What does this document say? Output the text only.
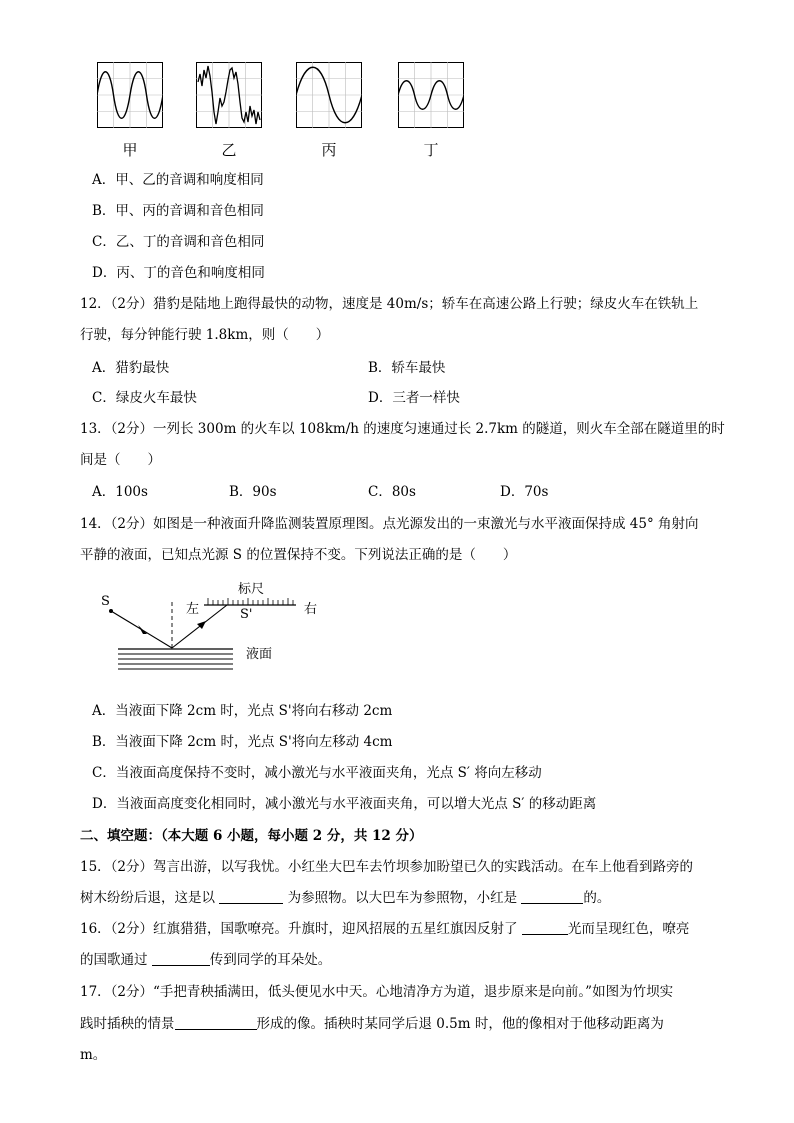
甲	乙	丙	丁
A．甲、乙的音调和响度相同
B．甲、丙的音调和音色相同
C．乙、丁的音调和音色相同
D．丙、丁的音色和响度相同
12．（2分）猎豹是陆地上跑得最快的动物，速度是 40m/s；轿车在高速公路上行驶；绿皮火车在铁轨上
行驶，每分钟能行驶 1.8km，则（　　）
A．猎豹最快	B．轿车最快
C．绿皮火车最快	D．三者一样快
13．（2分）一列长 300m 的火车以 108km/h 的速度匀速通过长 2.7km 的隧道，则火车全部在隧道里的时
间是（　　）
A．100s	B．90s	C．80s	D．70s
14．（2分）如图是一种液面升降监测装置原理图。点光源发出的一束激光与水平液面保持成 45° 角射向
平静的液面，已知点光源 S 的位置保持不变。下列说法正确的是（　　）
S
标尺
左	右
S'
液面
A．当液面下降 2cm 时，光点 S'将向右移动 2cm
B．当液面下降 2cm 时，光点 S'将向左移动 4cm
C．当液面高度保持不变时，减小激光与水平液面夹角，光点 S′ 将向左移动
D．当液面高度变化相同时，减小激光与水平液面夹角，可以增大光点 S′ 的移动距离
二、填空题：（本大题 6 小题，每小题 2 分，共 12 分）
15．（2分）驾言出游，以写我忧。小红坐大巴车去竹坝参加盼望已久的实践活动。在车上他看到路旁的
树木纷纷后退，这是以	为参照物。以大巴车为参照物，小红是	的。
16．（2分）红旗猎猎，国歌嘹亮。升旗时，迎风招展的五星红旗因反射了	光而呈现红色，嘹亮
的国歌通过	传到同学的耳朵处。
17．（2分）“手把青秧插满田，低头便见水中天。心地清净方为道，退步原来是向前。”如图为竹坝实
践时插秧的情景	形成的像。插秧时某同学后退 0.5m 时，他的像相对于他移动距离为
m。
